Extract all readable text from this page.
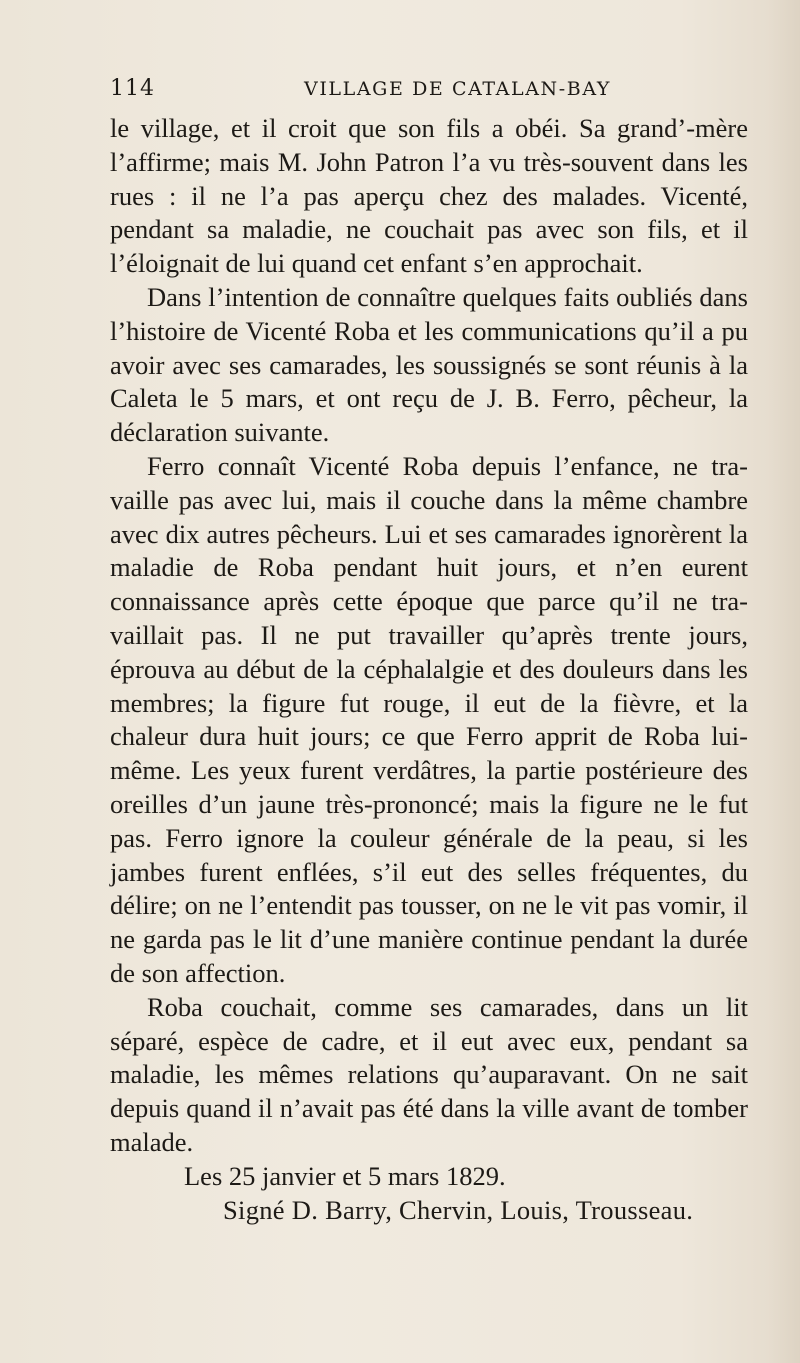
114	VILLAGE DE CATALAN-BAY

le village, et il croit que son fils a obéi. Sa grand’-mère l’affirme; mais M. John Patron l’a vu très-souvent dans les rues : il ne l’a pas aperçu chez des malades. Vicenté, pendant sa maladie, ne couchait pas avec son fils, et il l’éloignait de lui quand cet enfant s’en approchait.

Dans l’intention de connaître quelques faits oubliés dans l’histoire de Vicenté Roba et les communications qu’il a pu avoir avec ses camarades, les soussignés se sont réunis à la Caleta le 5 mars, et ont reçu de J. B. Ferro, pêcheur, la déclaration suivante.

Ferro connaît Vicenté Roba depuis l’enfance, ne travaille pas avec lui, mais il couche dans la même chambre avec dix autres pêcheurs. Lui et ses camarades ignorèrent la maladie de Roba pendant huit jours, et n’en eurent connaissance après cette époque que parce qu’il ne travaillait pas. Il ne put travailler qu’après trente jours, éprouva au début de la céphalalgie et des douleurs dans les membres; la figure fut rouge, il eut de la fièvre, et la chaleur dura huit jours; ce que Ferro apprit de Roba lui-même. Les yeux furent verdâtres, la partie postérieure des oreilles d’un jaune très-prononcé; mais la figure ne le fut pas. Ferro ignore la couleur générale de la peau, si les jambes furent enflées, s’il eut des selles fréquentes, du délire; on ne l’entendit pas tousser, on ne le vit pas vomir, il ne garda pas le lit d’une manière continue pendant la durée de son affection.

Roba couchait, comme ses camarades, dans un lit séparé, espèce de cadre, et il eut avec eux, pendant sa maladie, les mêmes relations qu’auparavant. On ne sait depuis quand il n’avait pas été dans la ville avant de tomber malade.

Les 25 janvier et 5 mars 1829.

Signé D. Barry, Chervin, Louis, Trousseau.
